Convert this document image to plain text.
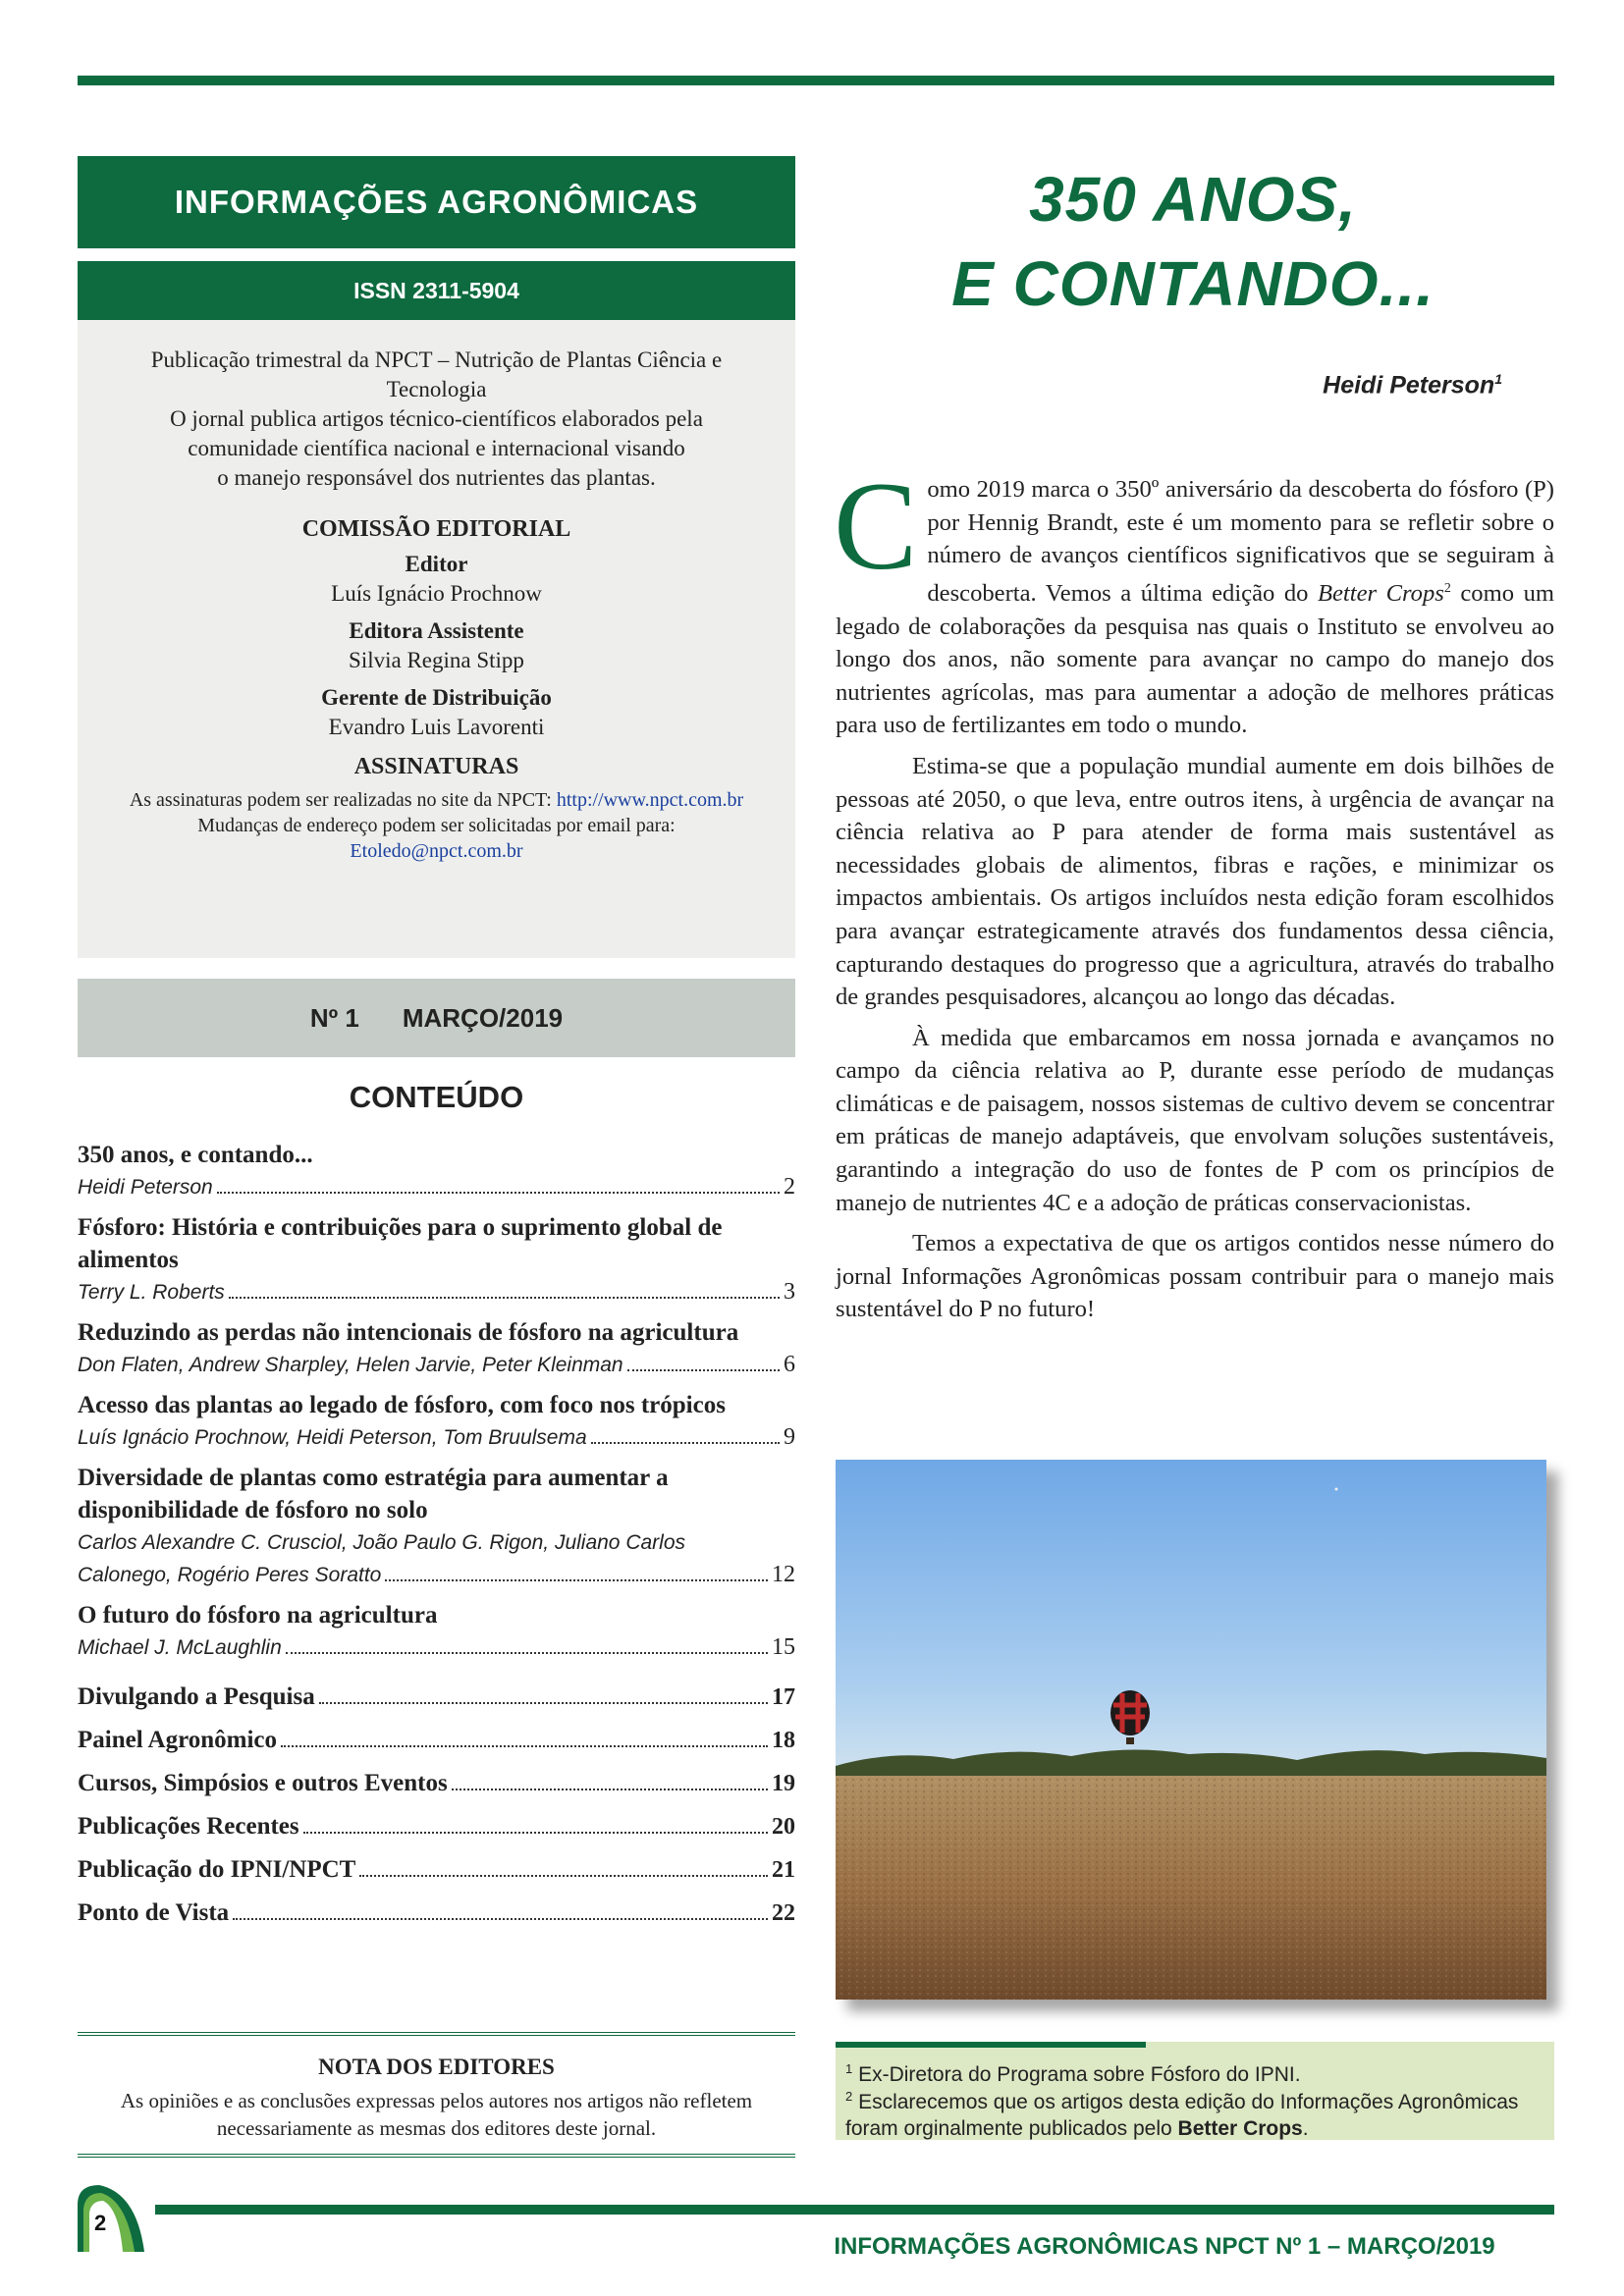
INFORMAÇÕES AGRONÔMICAS
ISSN 2311-5904
Publicação trimestral da NPCT – Nutrição de Plantas Ciência e Tecnologia
O jornal publica artigos técnico-científicos elaborados pela comunidade científica nacional e internacional visando
o manejo responsável dos nutrientes das plantas.
COMISSÃO EDITORIAL
Editor
Luís Ignácio Prochnow
Editora Assistente
Silvia Regina Stipp
Gerente de Distribuição
Evandro Luis Lavorenti
ASSINATURAS
As assinaturas podem ser realizadas no site da NPCT: http://www.npct.com.br
Mudanças de endereço podem ser solicitadas por email para:
Etoledo@npct.com.br
Nº 1 MARÇO/2019
CONTEÚDO
350 anos, e contando...
Heidi Peterson	2
Fósforo: História e contribuições para o suprimento global de alimentos
Terry L. Roberts	3
Reduzindo as perdas não intencionais de fósforo na agricultura
Don Flaten, Andrew Sharpley, Helen Jarvie, Peter Kleinman	6
Acesso das plantas ao legado de fósforo, com foco nos trópicos
Luís Ignácio Prochnow, Heidi Peterson, Tom Bruulsema	9
Diversidade de plantas como estratégia para aumentar a disponibilidade de fósforo no solo
Carlos Alexandre C. Crusciol, João Paulo G. Rigon, Juliano Carlos
Calonego, Rogério Peres Soratto	12
O futuro do fósforo na agricultura
Michael J. McLaughlin	15
Divulgando a Pesquisa	17
Painel Agronômico	18
Cursos, Simpósios e outros Eventos	19
Publicações Recentes	20
Publicação do IPNI/NPCT	21
Ponto de Vista	22
NOTA DOS EDITORES
As opiniões e as conclusões expressas pelos autores nos artigos não refletem necessariamente as mesmas dos editores deste jornal.
350 ANOS,
E CONTANDO...
Heidi Peterson$^1$

Como 2019 marca o 350º aniversário da descoberta do fósforo (P) por Hennig Brandt, este é um momento para se refletir sobre o número de avanços científicos significativos que se seguiram à descoberta. Vemos a última edição do Better Crops$^2$ como um legado de colaborações da pesquisa nas quais o Instituto se envolveu ao longo dos anos, não somente para avançar no campo do manejo dos nutrientes agrícolas, mas para aumentar a adoção de melhores práticas para uso de fertilizantes em todo o mundo.

Estima-se que a população mundial aumente em dois bilhões de pessoas até 2050, o que leva, entre outros itens, à urgência de avançar na ciência relativa ao P para atender de forma mais sustentável as necessidades globais de alimentos, fibras e rações, e minimizar os impactos ambientais. Os artigos incluídos nesta edição foram escolhidos para avançar estrategicamente através dos fundamentos dessa ciência, capturando destaques do progresso que a agricultura, através do trabalho de grandes pesquisadores, alcançou ao longo das décadas.

À medida que embarcamos em nossa jornada e avançamos no campo da ciência relativa ao P, durante esse período de mudanças climáticas e de paisagem, nossos sistemas de cultivo devem se concentrar em práticas de manejo adaptáveis, que envolvam soluções sustentáveis, garantindo a integração do uso de fontes de P com os princípios de manejo de nutrientes 4C e a adoção de práticas conservacionistas.

Temos a expectativa de que os artigos contidos nesse número do jornal Informações Agronômicas possam contribuir para o manejo mais sustentável do P no futuro!

$^1$ Ex-Diretora do Programa sobre Fósforo do IPNI.
$^2$ Esclarecemos que os artigos desta edição do Informações Agronômicas foram orginalmente publicados pelo Better Crops.
2
INFORMAÇÕES AGRONÔMICAS NPCT Nº 1 – MARÇO/2019
